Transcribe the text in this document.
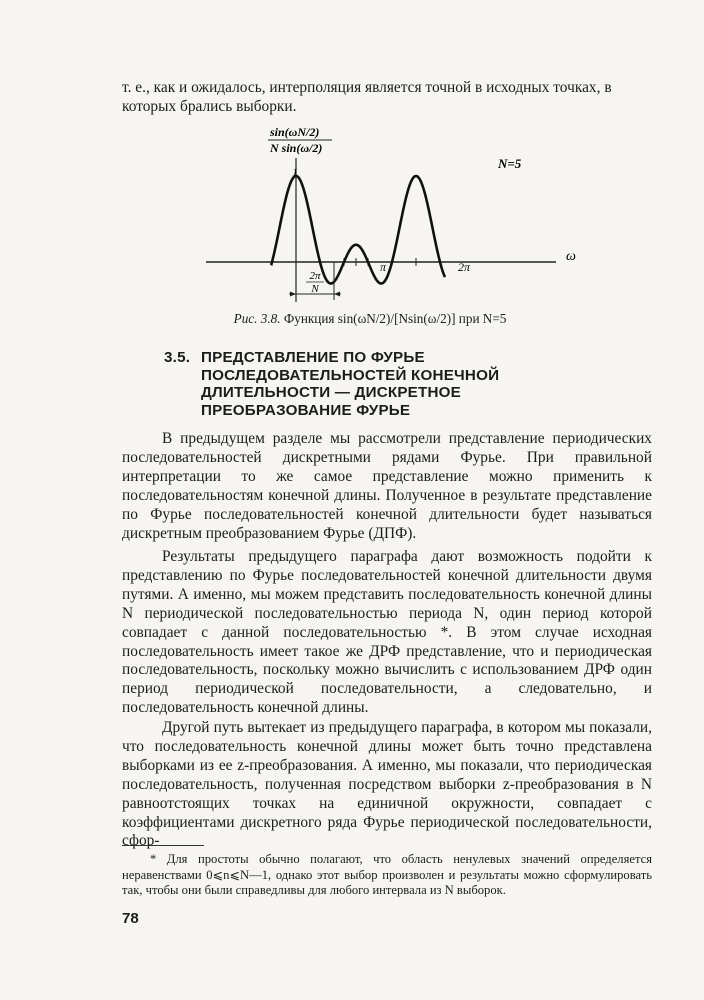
т. е., как и ожидалось, интерполяция является точной в исходных точках, в которых брались выборки.

sin(ωN/2)
N sin(ω/2)
1
N=5
ω
π	2π
2π
N
Рис. 3.8. Функция sin(ωN/2)/[Nsin(ω/2)] при N=5
3.5. ПРЕДСТАВЛЕНИЕ ПО ФУРЬЕ
ПОСЛЕДОВАТЕЛЬНОСТЕЙ КОНЕЧНОЙ
ДЛИТЕЛЬНОСТИ — ДИСКРЕТНОЕ
ПРЕОБРАЗОВАНИЕ ФУРЬЕ

В предыдущем разделе мы рассмотрели представление периодических последовательностей дискретными рядами Фурье. При правильной интерпретации то же самое представление можно применить к последовательностям конечной длины. Полученное в результате представление по Фурье последовательностей конечной длительности будет называться дискретным преобразованием Фурье (ДПФ).

Результаты предыдущего параграфа дают возможность подойти к представлению по Фурье последовательностей конечной длительности двумя путями. А именно, мы можем представить последовательность конечной длины N периодической последовательностью периода N, один период которой совпадает с данной последовательностью *. В этом случае исходная последовательность имеет такое же ДРФ представление, что и периодическая последовательность, поскольку можно вычислить с использованием ДРФ один период периодической последовательности, а следовательно, и последовательность конечной длины.

Другой путь вытекает из предыдущего параграфа, в котором мы показали, что последовательность конечной длины может быть точно представлена выборками из ее z-преобразования. А именно, мы показали, что периодическая последовательность, полученная посредством выборки z-преобразования в N равноотстоящих точках на единичной окружности, совпадает с коэффициентами дискретного ряда Фурье периодической последовательности, сфор-

* Для простоты обычно полагают, что область ненулевых значений определяется неравенствами 0⩽n⩽N—1, однако этот выбор произволен и результаты можно сформулировать так, чтобы они были справедливы для любого интервала из N выборок.

78
